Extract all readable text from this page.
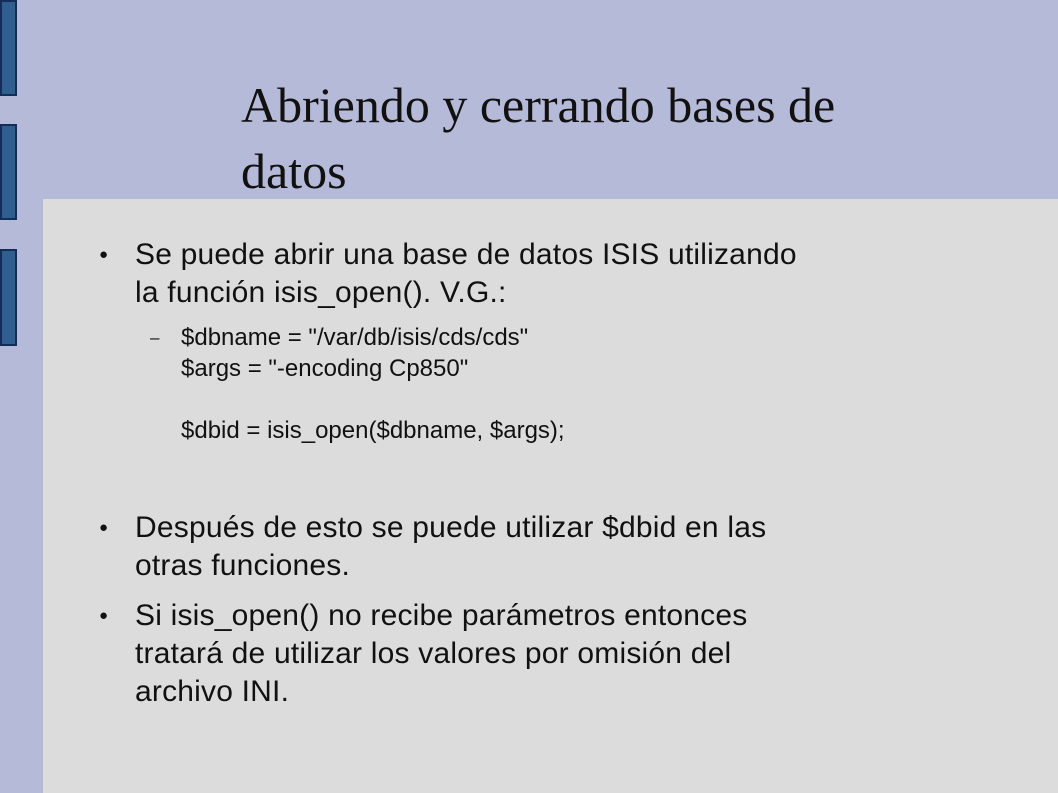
Abriendo y cerrando bases de
datos
● Se puede abrir una base de datos ISIS utilizando
la función isis_open(). V.G.:
– $dbname = "/var/db/isis/cds/cds"
$args = "-encoding Cp850"

$dbid = isis_open($dbname, $args);
● Después de esto se puede utilizar $dbid en las
otras funciones.
● Si isis_open() no recibe parámetros entonces
tratará de utilizar los valores por omisión del
archivo INI.
